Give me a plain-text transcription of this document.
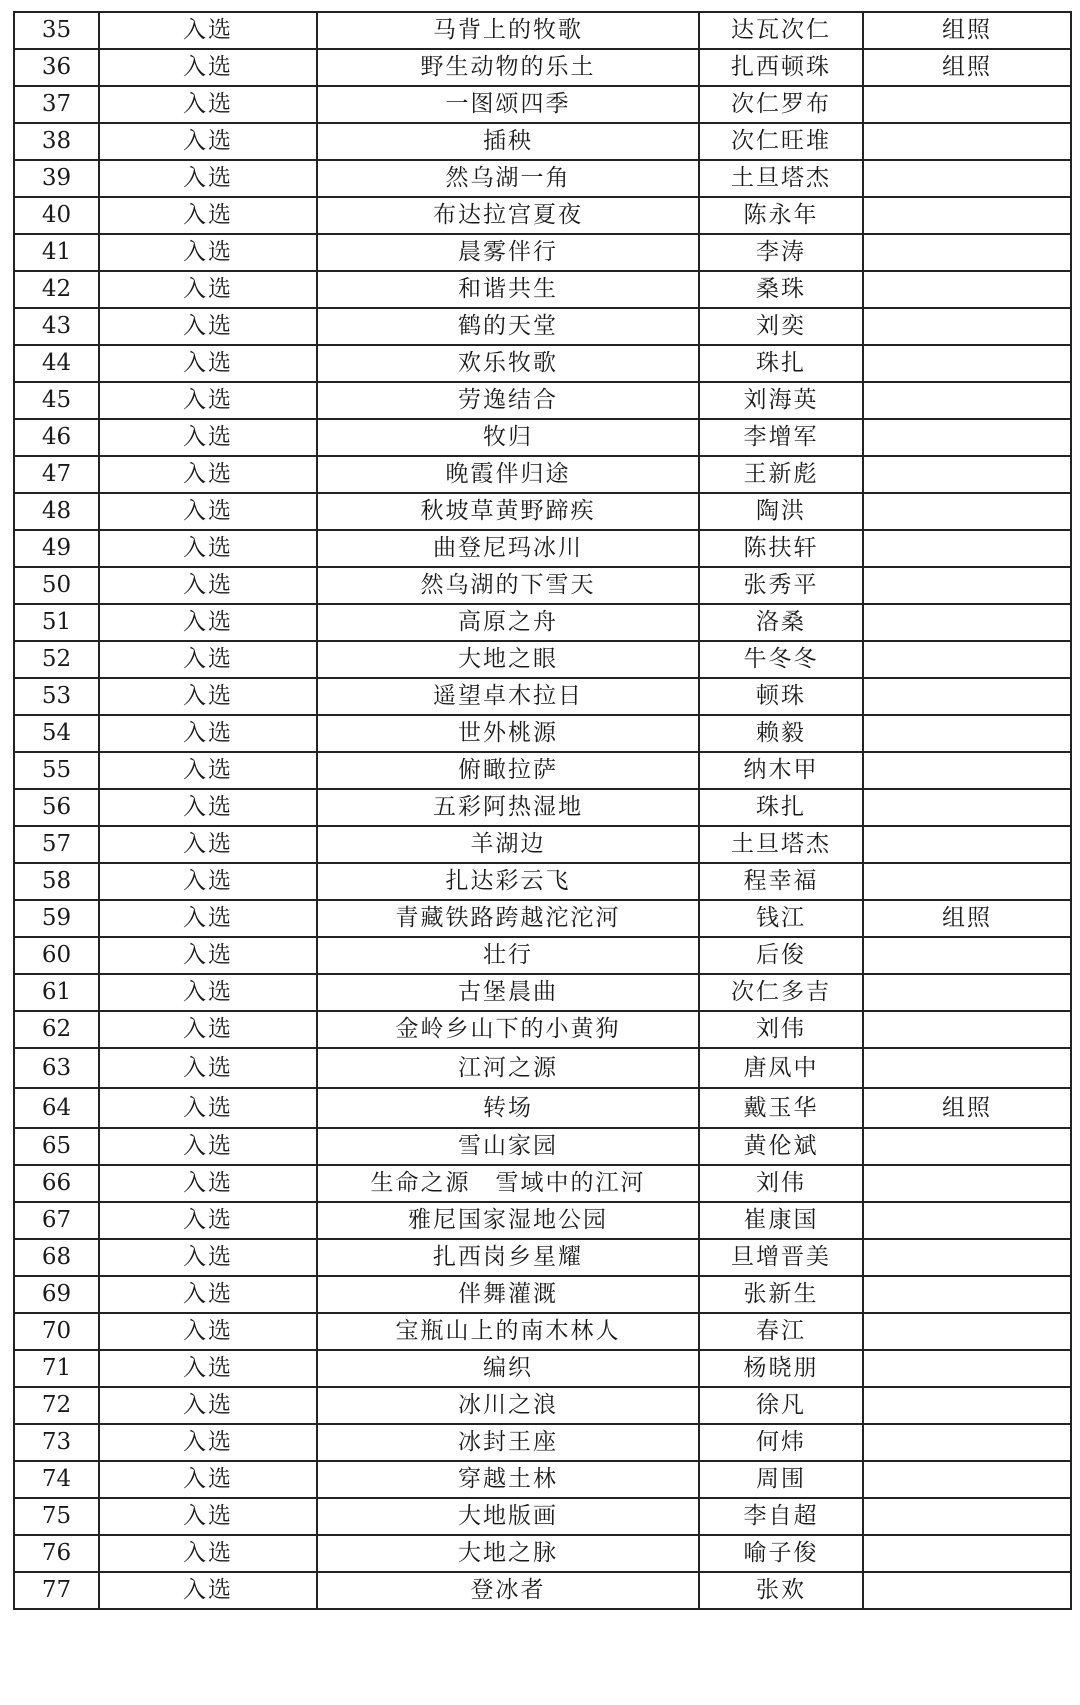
35	入选	马背上的牧歌	达瓦次仁	组照
36	入选	野生动物的乐土	扎西顿珠	组照
37	入选	一图颂四季	次仁罗布	
38	入选	插秧	次仁旺堆	
39	入选	然乌湖一角	土旦塔杰	
40	入选	布达拉宫夏夜	陈永年	
41	入选	晨雾伴行	李涛	
42	入选	和谐共生	桑珠	
43	入选	鹤的天堂	刘奕	
44	入选	欢乐牧歌	珠扎	
45	入选	劳逸结合	刘海英	
46	入选	牧归	李增军	
47	入选	晚霞伴归途	王新彪	
48	入选	秋坡草黄野蹄疾	陶洪	
49	入选	曲登尼玛冰川	陈扶轩	
50	入选	然乌湖的下雪天	张秀平	
51	入选	高原之舟	洛桑	
52	入选	大地之眼	牛冬冬	
53	入选	遥望卓木拉日	顿珠	
54	入选	世外桃源	赖毅	
55	入选	俯瞰拉萨	纳木甲	
56	入选	五彩阿热湿地	珠扎	
57	入选	羊湖边	土旦塔杰	
58	入选	扎达彩云飞	程幸福	
59	入选	青藏铁路跨越沱沱河	钱江	组照
60	入选	壮行	后俊	
61	入选	古堡晨曲	次仁多吉	
62	入选	金岭乡山下的小黄狗	刘伟	
63	入选	江河之源	唐凤中	
64	入选	转场	戴玉华	组照
65	入选	雪山家园	黄伦斌	
66	入选	生命之源　雪域中的江河	刘伟	
67	入选	雅尼国家湿地公园	崔康国	
68	入选	扎西岗乡星耀	旦增晋美	
69	入选	伴舞灌溉	张新生	
70	入选	宝瓶山上的南木林人	春江	
71	入选	编织	杨晓朋	
72	入选	冰川之浪	徐凡	
73	入选	冰封王座	何炜	
74	入选	穿越土林	周围	
75	入选	大地版画	李自超	
76	入选	大地之脉	喻子俊	
77	入选	登冰者	张欢	
